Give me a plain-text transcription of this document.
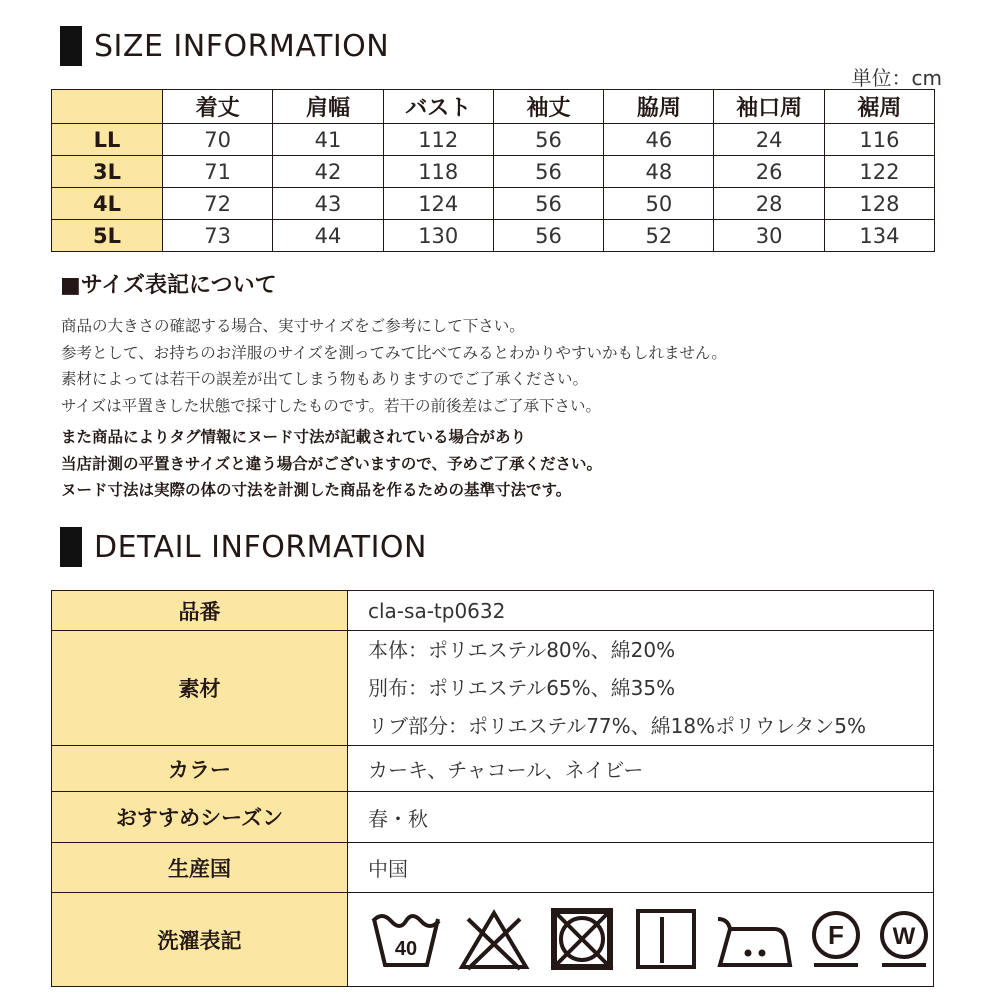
SIZE INFORMATION
単位：cm
	着丈	肩幅	バスト	袖丈	脇周	袖口周	裾周
LL	70	41	112	56	46	24	116
3L	71	42	118	56	48	26	122
4L	72	43	124	56	50	28	128
5L	73	44	130	56	52	30	134
■サイズ表記について
商品の大きさの確認する場合、実寸サイズをご参考にして下さい。
参考として、お持ちのお洋服のサイズを測ってみて比べてみるとわかりやすいかもしれません。
素材によっては若干の誤差が出てしまう物もありますのでご了承ください。
サイズは平置きした状態で採寸したものです。若干の前後差はご了承下さい。
また商品によりタグ情報にヌード寸法が記載されている場合があり
当店計測の平置きサイズと違う場合がございますので、予めご了承ください。
ヌード寸法は実際の体の寸法を計測した商品を作るための基準寸法です。
DETAIL INFORMATION
品番	cla-sa-tp0632
素材	本体：ポリエステル80%、綿20%
別布：ポリエステル65%、綿35%
リブ部分：ポリエステル77%、綿18%ポリウレタン5%

カラー	カーキ、チャコール、ネイビー
おすすめシーズン	春・秋
生産国	中国
洗濯表記	40 F W
